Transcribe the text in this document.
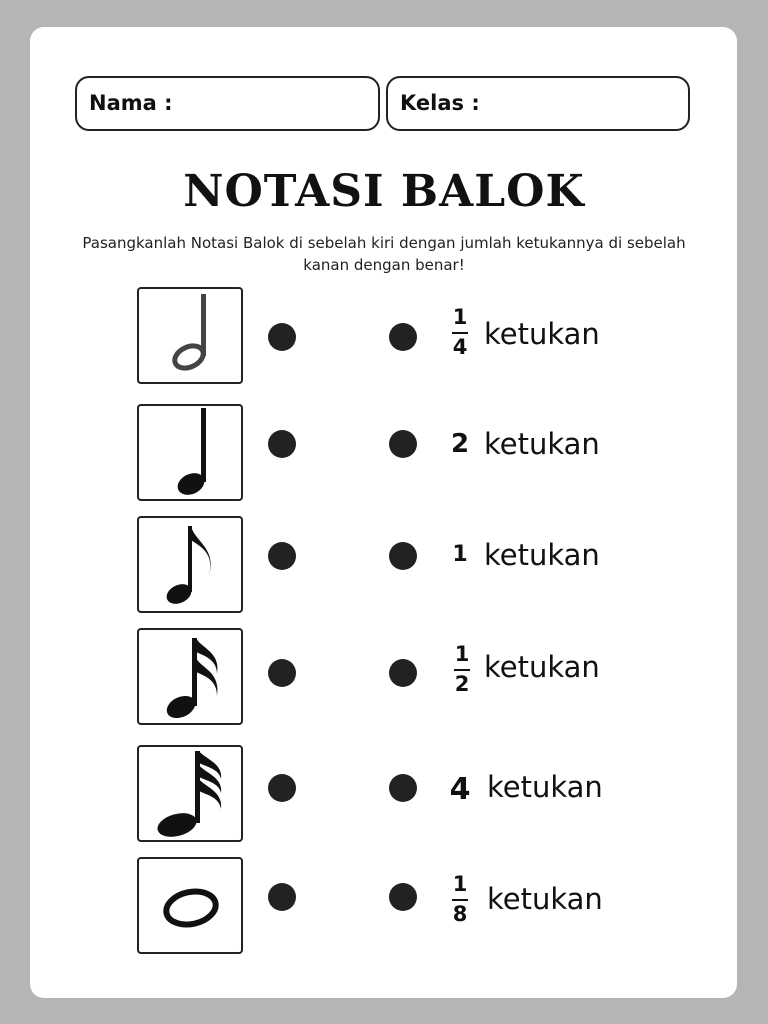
Nama :	Kelas :
NOTASI BALOK
Pasangkanlah Notasi Balok di sebelah kiri dengan jumlah ketukannya di sebelah kanan dengan benar!
1
4 ketukan
2 ketukan
1 ketukan
1
2 ketukan
4 ketukan
1
8 ketukan
